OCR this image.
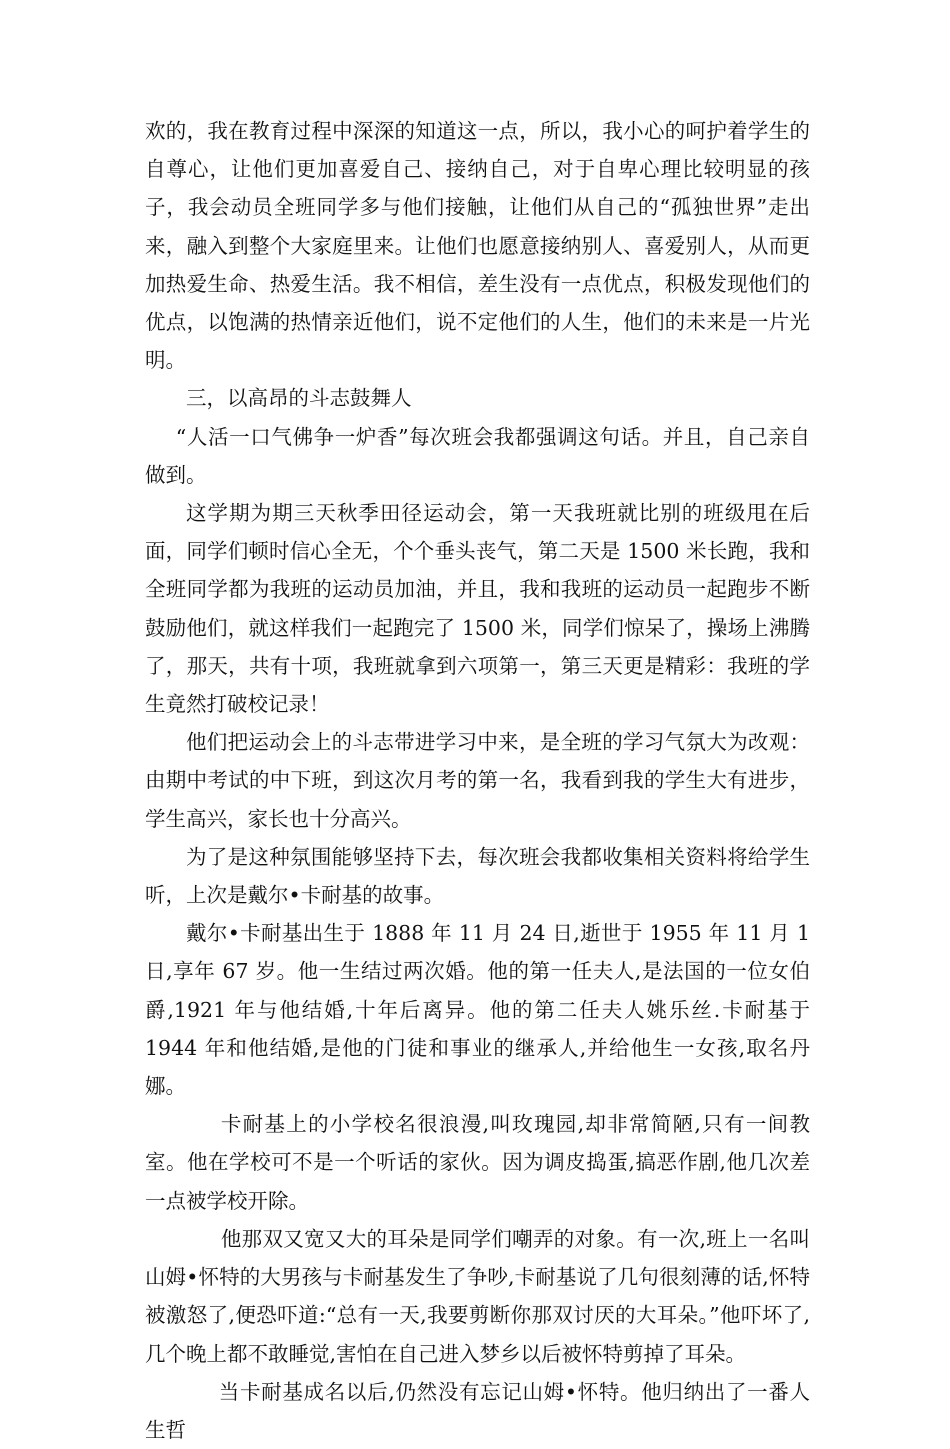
欢的，我在教育过程中深深的知道这一点，所以，我小心的呵护着学生的自尊心，让他们更加喜爱自己、接纳自己，对于自卑心理比较明显的孩子，我会动员全班同学多与他们接触，让他们从自己的“孤独世界”走出来，融入到整个大家庭里来。让他们也愿意接纳别人、喜爱别人，从而更加热爱生命、热爱生活。我不相信，差生没有一点优点，积极发现他们的优点，以饱满的热情亲近他们，说不定他们的人生，他们的未来是一片光明。

三，以高昂的斗志鼓舞人

“人活一口气佛争一炉香”每次班会我都强调这句话。并且，自己亲自做到。

这学期为期三天秋季田径运动会，第一天我班就比别的班级甩在后面，同学们顿时信心全无，个个垂头丧气，第二天是 1500 米长跑，我和全班同学都为我班的运动员加油，并且，我和我班的运动员一起跑步不断鼓励他们，就这样我们一起跑完了 1500 米，同学们惊呆了，操场上沸腾了，那天，共有十项，我班就拿到六项第一，第三天更是精彩：我班的学生竟然打破校记录！

他们把运动会上的斗志带进学习中来，是全班的学习气氛大为改观：由期中考试的中下班，到这次月考的第一名，我看到我的学生大有进步，学生高兴，家长也十分高兴。

为了是这种氛围能够坚持下去，每次班会我都收集相关资料将给学生听，上次是戴尔•卡耐基的故事。

戴尔•卡耐基出生于 1888 年 11 月 24 日,逝世于 1955 年 11 月 1 日,享年 67 岁。他一生结过两次婚。他的第一任夫人,是法国的一位女伯爵,1921 年与他结婚,十年后离异。他的第二任夫人姚乐丝.卡耐基于 1944 年和他结婚,是他的门徒和事业的继承人,并给他生一女孩,取名丹娜。

卡耐基上的小学校名很浪漫,叫玫瑰园,却非常简陋,只有一间教室。他在学校可不是一个听话的家伙。因为调皮捣蛋,搞恶作剧,他几次差一点被学校开除。

他那双又宽又大的耳朵是同学们嘲弄的对象。有一次,班上一名叫山姆•怀特的大男孩与卡耐基发生了争吵,卡耐基说了几句很刻薄的话,怀特被激怒了,便恐吓道:“总有一天,我要剪断你那双讨厌的大耳朵。”他吓坏了,几个晚上都不敢睡觉,害怕在自己进入梦乡以后被怀特剪掉了耳朵。

当卡耐基成名以后,仍然没有忘记山姆•怀特。他归纳出了一番人生哲
